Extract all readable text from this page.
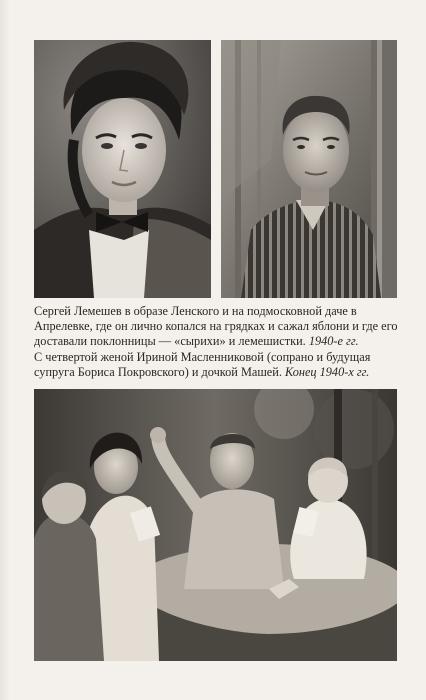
Сергей Лемешев в образе Ленского и на подмосковной даче в Апрелевке, где он лично копался на грядках и сажал яблони и где его доставали поклонницы — «сырихи» и лемешистки. 1940-е гг.
С четвертой женой Ириной Масленниковой (сопрано и будущая супруга Бориса Покровского) и дочкой Машей. Конец 1940-х гг.
